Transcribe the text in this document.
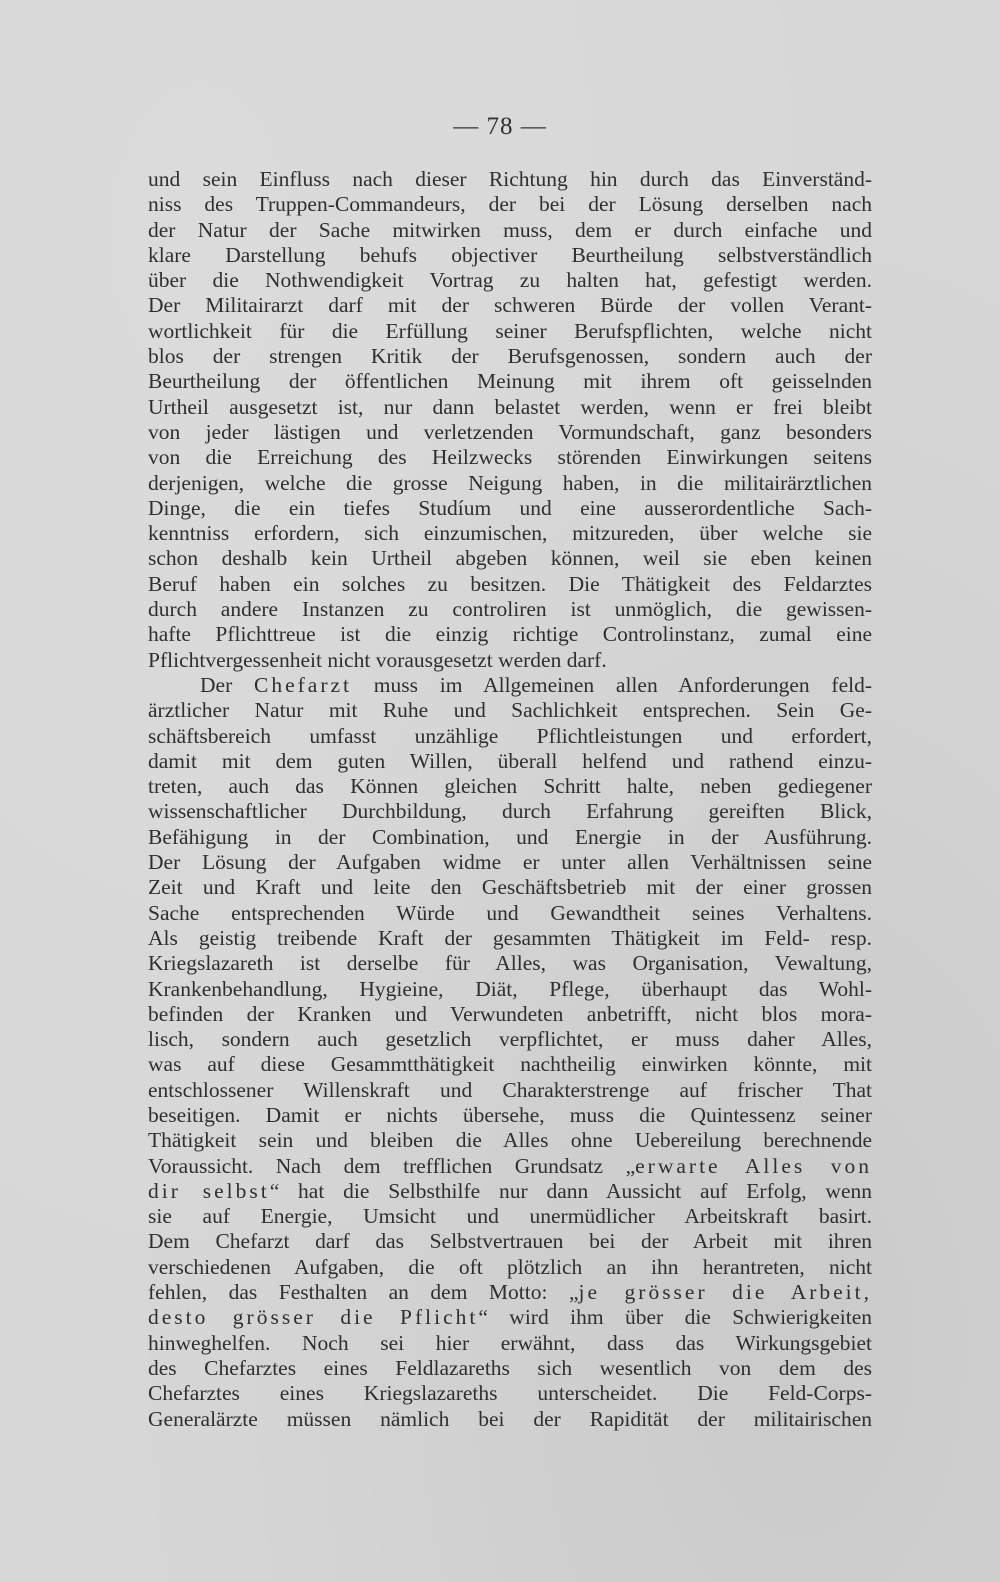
— 78 —
und sein Einfluss nach dieser Richtung hin durch das Einverständ-
niss des Truppen-Commandeurs, der bei der Lösung derselben nach
der Natur der Sache mitwirken muss, dem er durch einfache und
klare Darstellung behufs objectiver Beurtheilung selbstverständlich
über die Nothwendigkeit Vortrag zu halten hat, gefestigt werden.
Der Militairarzt darf mit der schweren Bürde der vollen Verant-
wortlichkeit für die Erfüllung seiner Berufspflichten, welche nicht
blos der strengen Kritik der Berufsgenossen, sondern auch der
Beurtheilung der öffentlichen Meinung mit ihrem oft geisselnden
Urtheil ausgesetzt ist, nur dann belastet werden, wenn er frei bleibt
von jeder lästigen und verletzenden Vormundschaft, ganz besonders
von die Erreichung des Heilzwecks störenden Einwirkungen seitens
derjenigen, welche die grosse Neigung haben, in die militairärztlichen
Dinge, die ein tiefes Studíum und eine ausserordentliche Sach-
kenntniss erfordern, sich einzumischen, mitzureden, über welche sie
schon deshalb kein Urtheil abgeben können, weil sie eben keinen
Beruf haben ein solches zu besitzen. Die Thätigkeit des Feldarztes
durch andere Instanzen zu controliren ist unmöglich, die gewissen-
hafte Pflichttreue ist die einzig richtige Controlinstanz, zumal eine
Pflichtvergessenheit nicht vorausgesetzt werden darf.
Der Chefarzt muss im Allgemeinen allen Anforderungen feld-
ärztlicher Natur mit Ruhe und Sachlichkeit entsprechen. Sein Ge-
schäftsbereich umfasst unzählige Pflichtleistungen und erfordert,
damit mit dem guten Willen, überall helfend und rathend einzu-
treten, auch das Können gleichen Schritt halte, neben gediegener
wissenschaftlicher Durchbildung, durch Erfahrung gereiften Blick,
Befähigung in der Combination, und Energie in der Ausführung.
Der Lösung der Aufgaben widme er unter allen Verhältnissen seine
Zeit und Kraft und leite den Geschäftsbetrieb mit der einer grossen
Sache entsprechenden Würde und Gewandtheit seines Verhaltens.
Als geistig treibende Kraft der gesammten Thätigkeit im Feld- resp.
Kriegslazareth ist derselbe für Alles, was Organisation, Vewaltung,
Krankenbehandlung, Hygieine, Diät, Pflege, überhaupt das Wohl-
befinden der Kranken und Verwundeten anbetrifft, nicht blos mora-
lisch, sondern auch gesetzlich verpflichtet, er muss daher Alles,
was auf diese Gesammtthätigkeit nachtheilig einwirken könnte, mit
entschlossener Willenskraft und Charakterstrenge auf frischer That
beseitigen. Damit er nichts übersehe, muss die Quintessenz seiner
Thätigkeit sein und bleiben die Alles ohne Uebereilung berechnende
Voraussicht. Nach dem trefflichen Grundsatz „erwarte Alles von
dir selbst“ hat die Selbsthilfe nur dann Aussicht auf Erfolg, wenn
sie auf Energie, Umsicht und unermüdlicher Arbeitskraft basirt.
Dem Chefarzt darf das Selbstvertrauen bei der Arbeit mit ihren
verschiedenen Aufgaben, die oft plötzlich an ihn herantreten, nicht
fehlen, das Festhalten an dem Motto: „je grösser die Arbeit,
desto grösser die Pflicht“ wird ihm über die Schwierigkeiten
hinweghelfen. Noch sei hier erwähnt, dass das Wirkungsgebiet
des Chefarztes eines Feldlazareths sich wesentlich von dem des
Chefarztes eines Kriegslazareths unterscheidet. Die Feld-Corps-
Generalärzte müssen nämlich bei der Rapidität der militairischen
